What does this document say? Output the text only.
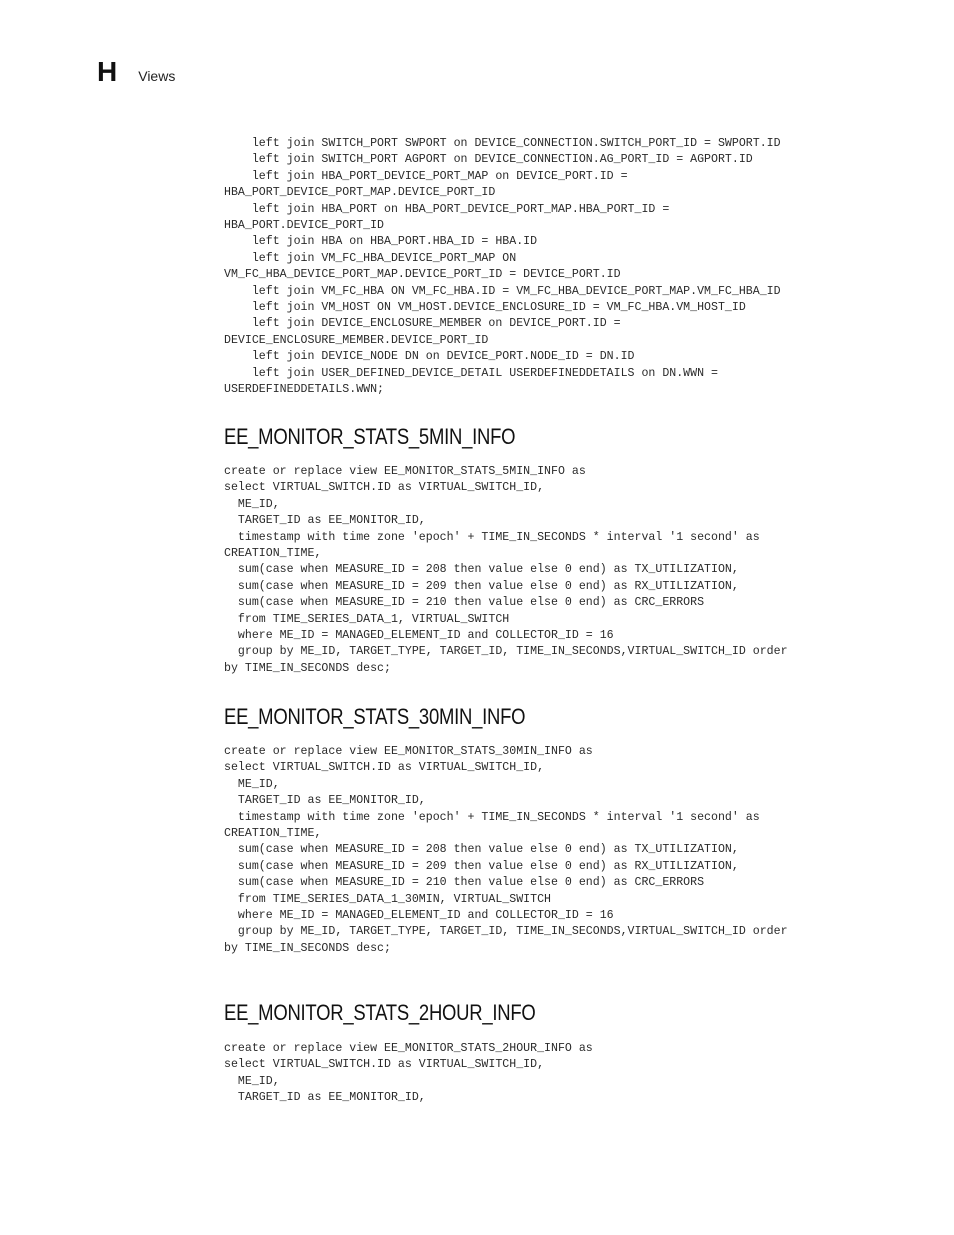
H Views
left join SWITCH_PORT SWPORT on DEVICE_CONNECTION.SWITCH_PORT_ID = SWPORT.ID
left join SWITCH_PORT AGPORT on DEVICE_CONNECTION.AG_PORT_ID = AGPORT.ID
left join HBA_PORT_DEVICE_PORT_MAP on DEVICE_PORT.ID =
HBA_PORT_DEVICE_PORT_MAP.DEVICE_PORT_ID
left join HBA_PORT on HBA_PORT_DEVICE_PORT_MAP.HBA_PORT_ID =
HBA_PORT.DEVICE_PORT_ID
left join HBA on HBA_PORT.HBA_ID = HBA.ID
left join VM_FC_HBA_DEVICE_PORT_MAP ON
VM_FC_HBA_DEVICE_PORT_MAP.DEVICE_PORT_ID = DEVICE_PORT.ID
left join VM_FC_HBA ON VM_FC_HBA.ID = VM_FC_HBA_DEVICE_PORT_MAP.VM_FC_HBA_ID
left join VM_HOST ON VM_HOST.DEVICE_ENCLOSURE_ID = VM_FC_HBA.VM_HOST_ID
left join DEVICE_ENCLOSURE_MEMBER on DEVICE_PORT.ID =
DEVICE_ENCLOSURE_MEMBER.DEVICE_PORT_ID
left join DEVICE_NODE DN on DEVICE_PORT.NODE_ID = DN.ID
left join USER_DEFINED_DEVICE_DETAIL USERDEFINEDDETAILS on DN.WWN =
USERDEFINEDDETAILS.WWN;
EE_MONITOR_STATS_5MIN_INFO
create or replace view EE_MONITOR_STATS_5MIN_INFO as
select VIRTUAL_SWITCH.ID as VIRTUAL_SWITCH_ID,
ME_ID,
TARGET_ID as EE_MONITOR_ID,
timestamp with time zone 'epoch' + TIME_IN_SECONDS * interval '1 second' as
CREATION_TIME,
sum(case when MEASURE_ID = 208 then value else 0 end) as TX_UTILIZATION,
sum(case when MEASURE_ID = 209 then value else 0 end) as RX_UTILIZATION,
sum(case when MEASURE_ID = 210 then value else 0 end) as CRC_ERRORS
from TIME_SERIES_DATA_1, VIRTUAL_SWITCH
where ME_ID = MANAGED_ELEMENT_ID and COLLECTOR_ID = 16
group by ME_ID, TARGET_TYPE, TARGET_ID, TIME_IN_SECONDS,VIRTUAL_SWITCH_ID order
by TIME_IN_SECONDS desc;
EE_MONITOR_STATS_30MIN_INFO
create or replace view EE_MONITOR_STATS_30MIN_INFO as
select VIRTUAL_SWITCH.ID as VIRTUAL_SWITCH_ID,
ME_ID,
TARGET_ID as EE_MONITOR_ID,
timestamp with time zone 'epoch' + TIME_IN_SECONDS * interval '1 second' as
CREATION_TIME,
sum(case when MEASURE_ID = 208 then value else 0 end) as TX_UTILIZATION,
sum(case when MEASURE_ID = 209 then value else 0 end) as RX_UTILIZATION,
sum(case when MEASURE_ID = 210 then value else 0 end) as CRC_ERRORS
from TIME_SERIES_DATA_1_30MIN, VIRTUAL_SWITCH
where ME_ID = MANAGED_ELEMENT_ID and COLLECTOR_ID = 16
group by ME_ID, TARGET_TYPE, TARGET_ID, TIME_IN_SECONDS,VIRTUAL_SWITCH_ID order
by TIME_IN_SECONDS desc;
EE_MONITOR_STATS_2HOUR_INFO
create or replace view EE_MONITOR_STATS_2HOUR_INFO as
select VIRTUAL_SWITCH.ID as VIRTUAL_SWITCH_ID,
ME_ID,
TARGET_ID as EE_MONITOR_ID,
